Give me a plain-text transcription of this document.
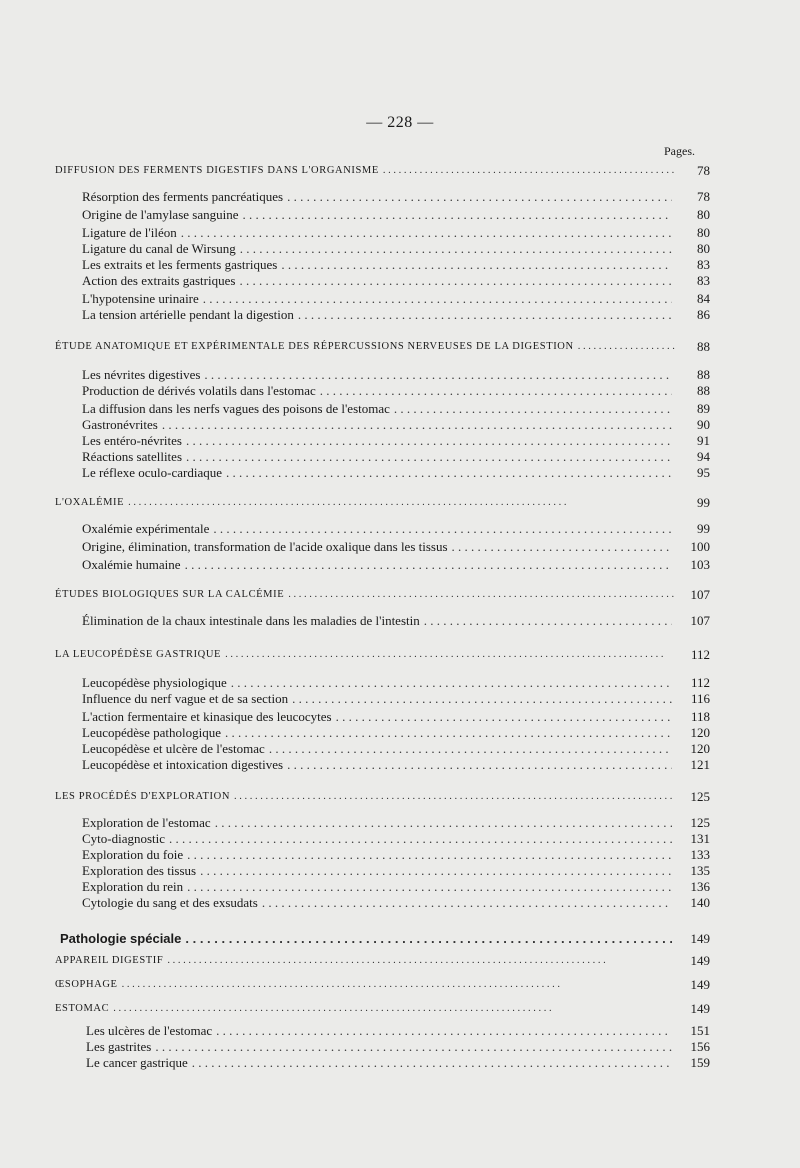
— 228 —
Pages.
DIFFUSION DES FERMENTS DIGESTIFS DANS L'ORGANISME . . .	78
Résorption des ferments pancréatiques . . .	78
Origine de l'amylase sanguine . . .	80
Ligature de l'iléon . . .	80
Ligature du canal de Wirsung . . .	80
Les extraits et les ferments gastriques . . .	83
Action des extraits gastriques . . .	83
L'hypotensine urinaire . . .	84
La tension artérielle pendant la digestion . . .	86
ÉTUDE ANATOMIQUE ET EXPÉRIMENTALE DES RÉPERCUSSIONS NERVEUSES DE LA DIGESTION . . .	88
Les névrites digestives . . .	88
Production de dérivés volatils dans l'estomac . . .	88
La diffusion dans les nerfs vagues des poisons de l'estomac . . .	89
Gastronévrites . . .	90
Les entéro-névrites . . .	91
Réactions satellites . . .	94
Le réflexe oculo-cardiaque . . .	95
L'OXALÉMIE . . .	99
Oxalémie expérimentale . . .	99
Origine, élimination, transformation de l'acide oxalique dans les tissus . . .	100
Oxalémie humaine . . .	103
ÉTUDES BIOLOGIQUES SUR LA CALCÉMIE . . .	107
Élimination de la chaux intestinale dans les maladies de l'intestin . . .	107
LA LEUCOPÉDÈSE GASTRIQUE . . .	112
Leucopédèse physiologique . . .	112
Influence du nerf vague et de sa section . . .	116
L'action fermentaire et kinasique des leucocytes . . .	118
Leucopédèse pathologique . . .	120
Leucopédèse et ulcère de l'estomac . . .	120
Leucopédèse et intoxication digestives . . .	121
LES PROCÉDÉS D'EXPLORATION . . .	125
Exploration de l'estomac . . .	125
Cyto-diagnostic . . .	131
Exploration du foie . . .	133
Exploration des tissus . . .	135
Exploration du rein . . .	136
Cytologie du sang et des exsudats . . .	140
Pathologie spéciale . . .	149
APPAREIL DIGESTIF . . .	149
ŒSOPHAGE . . .	149
ESTOMAC . . .	149
Les ulcères de l'estomac . . .	151
Les gastrites . . .	156
Le cancer gastrique . . .	159
